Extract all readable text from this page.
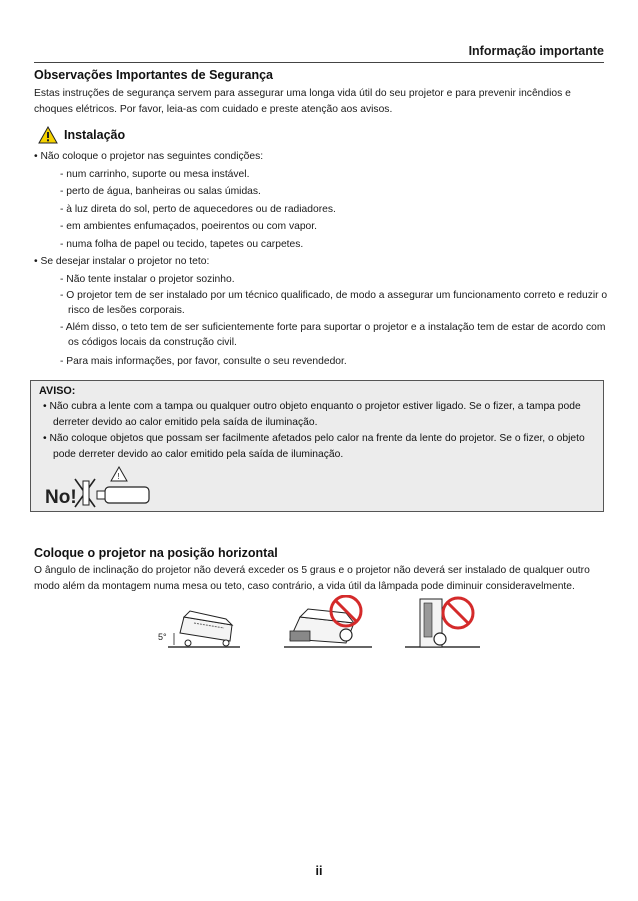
Informação importante
Observações Importantes de Segurança
Estas instruções de segurança servem para assegurar uma longa vida útil do seu projetor e para prevenir incêndios e choques elétricos. Por favor, leia-as com cuidado e preste atenção aos avisos.
Instalação
• Não coloque o projetor nas seguintes condições:
- num carrinho, suporte ou mesa instável.
- perto de água, banheiras ou salas úmidas.
- à luz direta do sol, perto de aquecedores ou de radiadores.
- em ambientes enfumaçados, poeirentos ou com vapor.
- numa folha de papel ou tecido, tapetes ou carpetes.
• Se desejar instalar o projetor no teto:
- Não tente instalar o projetor sozinho.
- O projetor tem de ser instalado por um técnico qualificado, de modo a assegurar um funcionamento correto e reduzir o risco de lesões corporais.
- Além disso, o teto tem de ser suficientemente forte para suportar o projetor e a instalação tem de estar de acordo com os códigos locais da construção civil.
- Para mais informações, por favor, consulte o seu revendedor.
AVISO:
• Não cubra a lente com a tampa ou qualquer outro objeto enquanto o projetor estiver ligado. Se o fizer, a tampa pode derreter devido ao calor emitido pela saída de iluminação.
• Não coloque objetos que possam ser facilmente afetados pelo calor na frente da lente do projetor. Se o fizer, o objeto pode derreter devido ao calor emitido pela saída de iluminação.
No!
!
Coloque o projetor na posição horizontal
O ângulo de inclinação do projetor não deverá exceder os 5 graus e o projetor não deverá ser instalado de qualquer outro modo além da montagem numa mesa ou teto, caso contrário, a vida útil da lâmpada pode diminuir consideravelmente.
5°
ii
